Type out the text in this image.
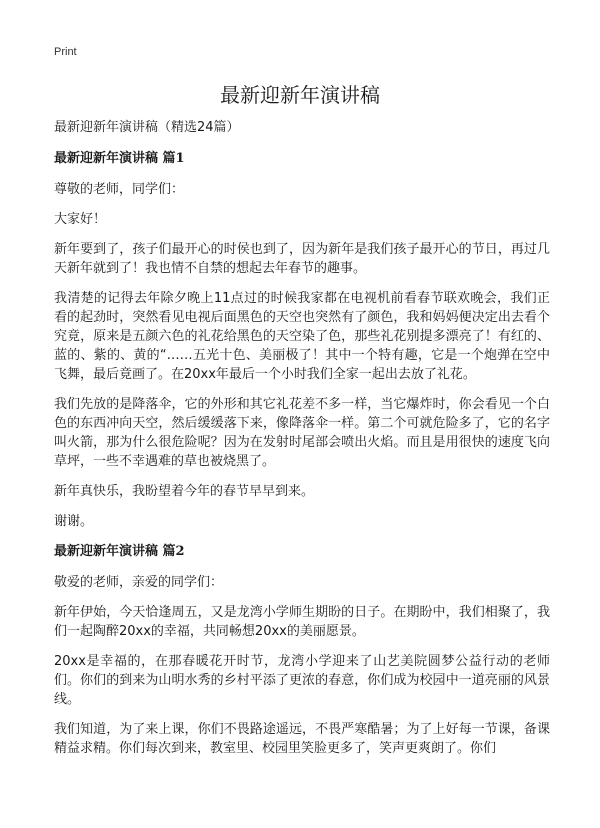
Print
最新迎新年演讲稿

最新迎新年演讲稿（精选24篇）

最新迎新年演讲稿 篇1

尊敬的老师，同学们：

大家好！

新年要到了，孩子们最开心的时侯也到了，因为新年是我们孩子最开心的节日，再过几天新年就到了！我也情不自禁的想起去年春节的趣事。

我清楚的记得去年除夕晚上11点过的时候我家都在电视机前看春节联欢晚会，我们正看的起劲时，突然看见电视后面黑色的天空也突然有了颜色，我和妈妈便决定出去看个究竟，原来是五颜六色的礼花给黑色的天空染了色，那些礼花别提多漂亮了！有红的、蓝的、紫的、黄的“……五光十色、美丽极了！其中一个特有趣，它是一个炮弹在空中飞舞，最后竟画了。在20xx年最后一个小时我们全家一起出去放了礼花。

我们先放的是降落伞，它的外形和其它礼花差不多一样，当它爆炸时，你会看见一个白色的东西冲向天空，然后缓缓落下来，像降落伞一样。第二个可就危险多了，它的名字叫火箭，那为什么很危险呢？因为在发射时尾部会喷出火焰。而且是用很快的速度飞向草坪，一些不幸遇难的草也被烧黑了。

新年真快乐，我盼望着今年的春节早早到来。

谢谢。

最新迎新年演讲稿 篇2

敬爱的老师，亲爱的同学们：

新年伊始，今天恰逢周五，又是龙湾小学师生期盼的日子。在期盼中，我们相聚了，我们一起陶醉20xx的幸福，共同畅想20xx的美丽愿景。

20xx是幸福的，在那春暖花开时节，龙湾小学迎来了山艺美院圆梦公益行动的老师们。你们的到来为山明水秀的乡村平添了更浓的春意，你们成为校园中一道亮丽的风景线。

我们知道，为了来上课，你们不畏路途遥远，不畏严寒酷暑；为了上好每一节课，备课精益求精。你们每次到来，教室里、校园里笑脸更多了，笑声更爽朗了。你们
